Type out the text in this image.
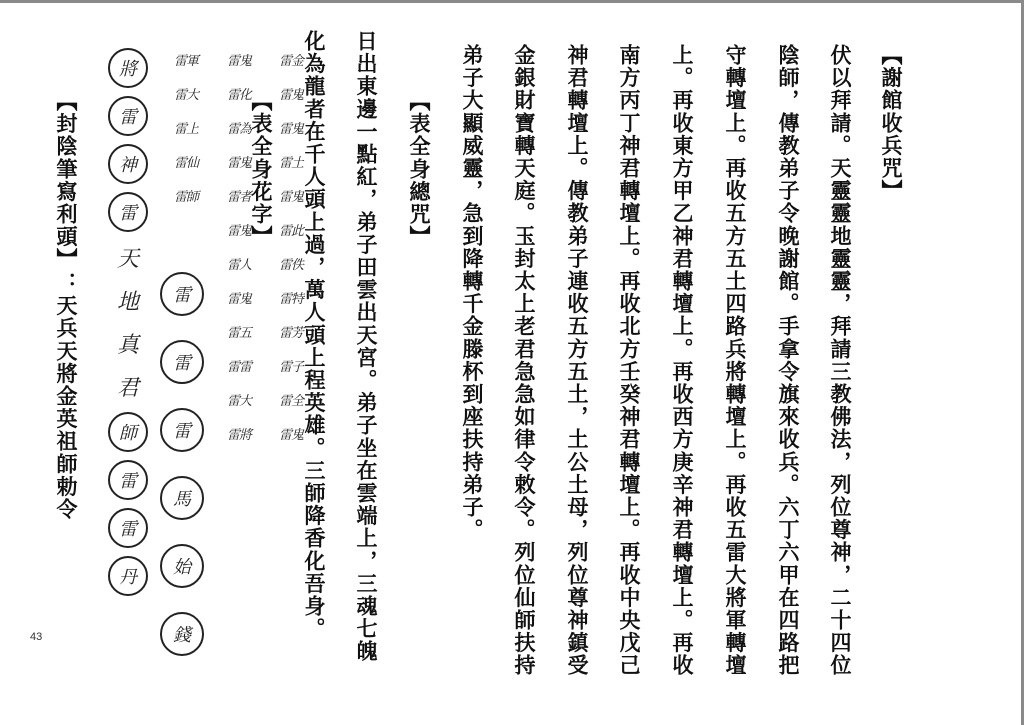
【謝館收兵咒】
伏以拜請。天靈靈地靈靈，拜請三教佛法，列位尊神，二十四位
陰師，傳教弟子令晚謝館。手拿令旗來收兵。六丁六甲在四路把
守轉壇上。再收五方五土四路兵將轉壇上。再收五雷大將軍轉壇
上。再收東方甲乙神君轉壇上。再收西方庚辛神君轉壇上。再收
南方丙丁神君轉壇上。再收北方壬癸神君轉壇上。再收中央戊己
神君轉壇上。傳教弟子連收五方五土，土公土母，列位尊神鎮受
金銀財寶轉天庭。玉封太上老君急急如律令敕令。列位仙師扶持
弟子大顯威靈，急到降轉千金滕杯到座扶持弟子。
【表全身總咒】
日出東邊一點紅，弟子田雲出天宮。弟子坐在雲端上，三魂七魄
化為龍者在千人頭上過，萬人頭上程英雄。三師降香化吾身。
【表全身花字】
雷金
雷鬼
雷鬼
雷土
雷鬼
雷此
雷佚
雷特
雷芳
雷子
雷全
雷鬼
雷鬼
雷化
雷為
雷鬼
雷者
雷鬼
雷人
雷鬼
雷五
雷雷
雷大
雷將
雷軍
雷大
雷上
雷仙
雷師
將
雷
神
雷
天
地
真
君
師
雷
雷
丹
雷
雷
雷
馬
始
錢
【封陰筆寫利頭】
：天兵天將金英祖師勅令
43
